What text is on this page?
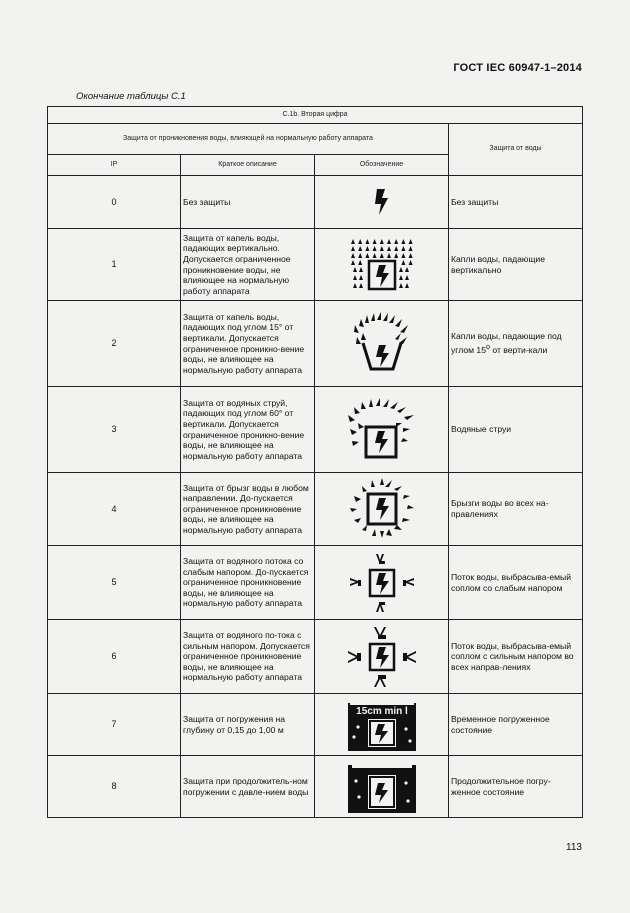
ГОСТ IEC 60947-1–2014
Окончание таблицы С.1
С.1b. Вторая цифра			
Защита от проникновения воды, влияющей на нормальную работу аппарата			Защита от воды
IP	Краткое описание	Обозначение	
0	Без защиты		Без защиты
1	Защита от капель воды, падающих вертикально. Допускается ограниченное проникновение воды, не влияющее на нормальную работу аппарата		Капли воды, падающие вертикально
2	Защита от капель воды, падающих под углом 15° от вертикали. Допускается ограниченное проникно-вение воды, не влияющее на нормальную работу аппарата		Капли воды, падающие под углом $15^о$ от верти-кали
3	Защита от водяных струй, падающих под углом 60° от вертикали. Допускается ограниченное проникно-вение воды, не влияющее на нормальную работу аппарата		Водяные струи
4	Защита от брызг воды в любом направлении. До-пускается ограниченное проникновение воды, не влияющее на нормальную работу аппарата		Брызги воды во всех на-правлениях
5	Защита от водяного потока со слабым напором. До-пускается ограниченное проникновение воды, не влияющее на нормальную работу аппарата		Поток воды, выбрасыва-емый соплом со слабым напором
6	Защита от водяного по-тока с сильным напором. Допускается ограниченное проникновение воды, не влияющее на нормальную работу аппарата		Поток воды, выбрасыва-емый соплом с сильным напором во всех направ-лениях
7	Защита от погружения на глубину от 0,15 до 1,00 м	15cm min l	Временное погруженное состояние
8	Защита при продолжитель-ном погружении с давле-нием воды		Продолжительное погру-женное состояние
113
